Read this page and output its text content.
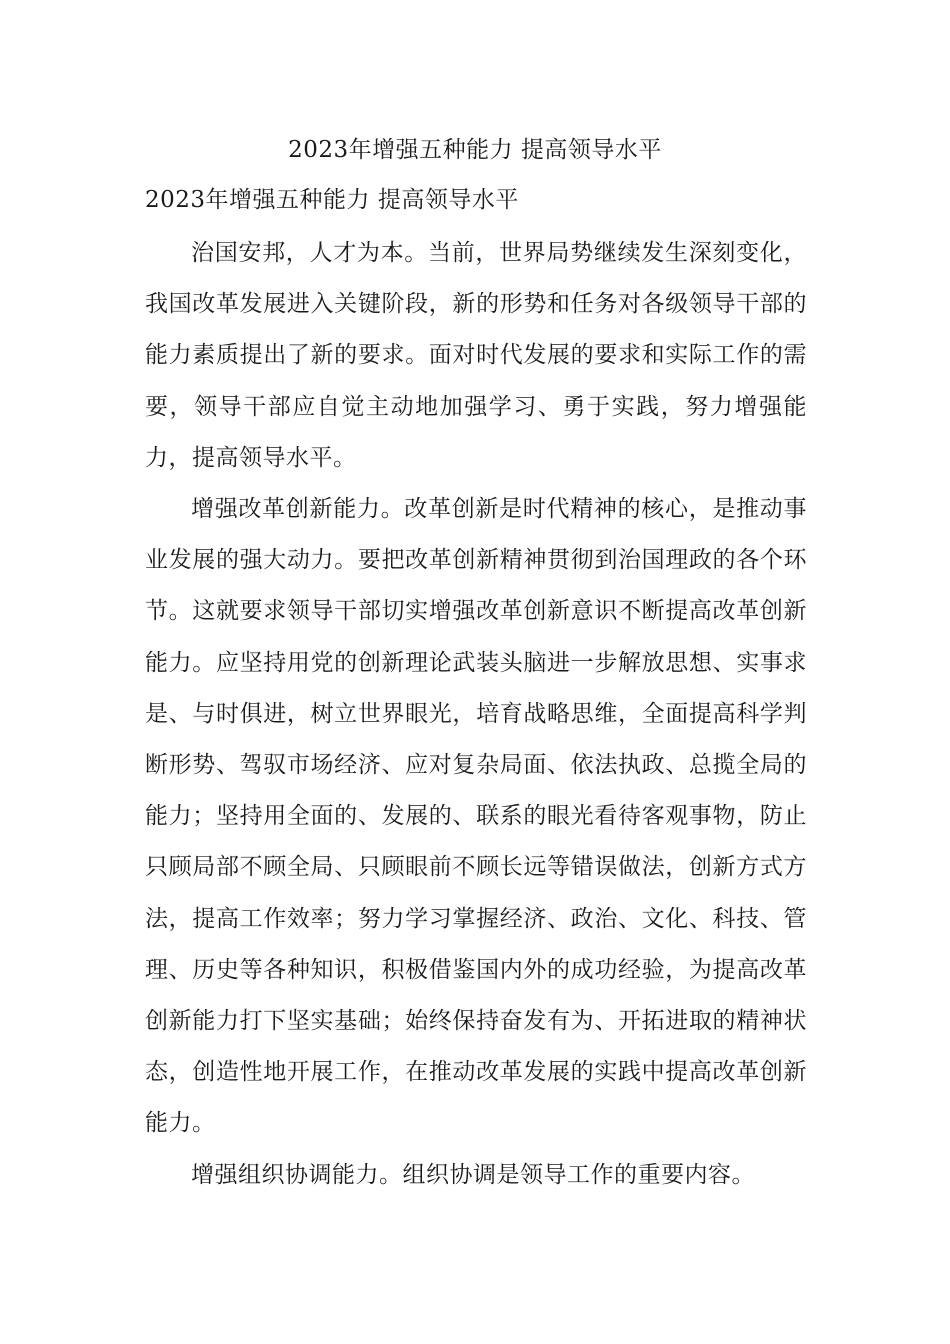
2023年增强五种能力 提高领导水平
2023年增强五种能力 提高领导水平

治国安邦，人才为本。当前，世界局势继续发生深刻变化，我国改革发展进入关键阶段，新的形势和任务对各级领导干部的能力素质提出了新的要求。面对时代发展的要求和实际工作的需要，领导干部应自觉主动地加强学习、勇于实践，努力增强能力，提高领导水平。

增强改革创新能力。改革创新是时代精神的核心，是推动事业发展的强大动力。要把改革创新精神贯彻到治国理政的各个环节。这就要求领导干部切实增强改革创新意识不断提高改革创新能力。应坚持用党的创新理论武装头脑进一步解放思想、实事求是、与时俱进，树立世界眼光，培育战略思维，全面提高科学判断形势、驾驭市场经济、应对复杂局面、依法执政、总揽全局的能力；坚持用全面的、发展的、联系的眼光看待客观事物，防止只顾局部不顾全局、只顾眼前不顾长远等错误做法，创新方式方法，提高工作效率；努力学习掌握经济、政治、文化、科技、管理、历史等各种知识，积极借鉴国内外的成功经验，为提高改革创新能力打下坚实基础；始终保持奋发有为、开拓进取的精神状态，创造性地开展工作，在推动改革发展的实践中提高改革创新能力。

增强组织协调能力。组织协调是领导工作的重要内容。
